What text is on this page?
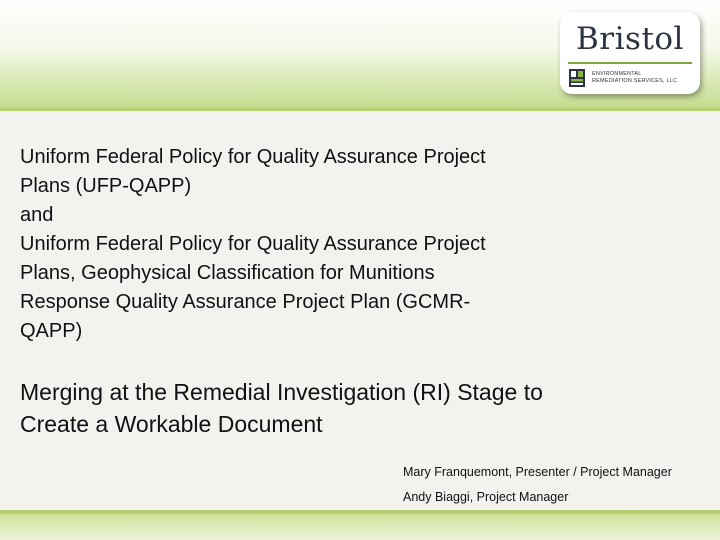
Bristol
ENVIRONMENTAL
REMEDIATION SERVICES, LLC

Uniform Federal Policy for Quality Assurance Project

Plans (UFP-QAPP)

and

Uniform Federal Policy for Quality Assurance Project

Plans, Geophysical Classification for Munitions

Response Quality Assurance Project Plan (GCMR-

QAPP)

Merging at the Remedial Investigation (RI) Stage to

Create a Workable Document

Mary Franquemont, Presenter / Project Manager

Andy Biaggi, Project Manager
